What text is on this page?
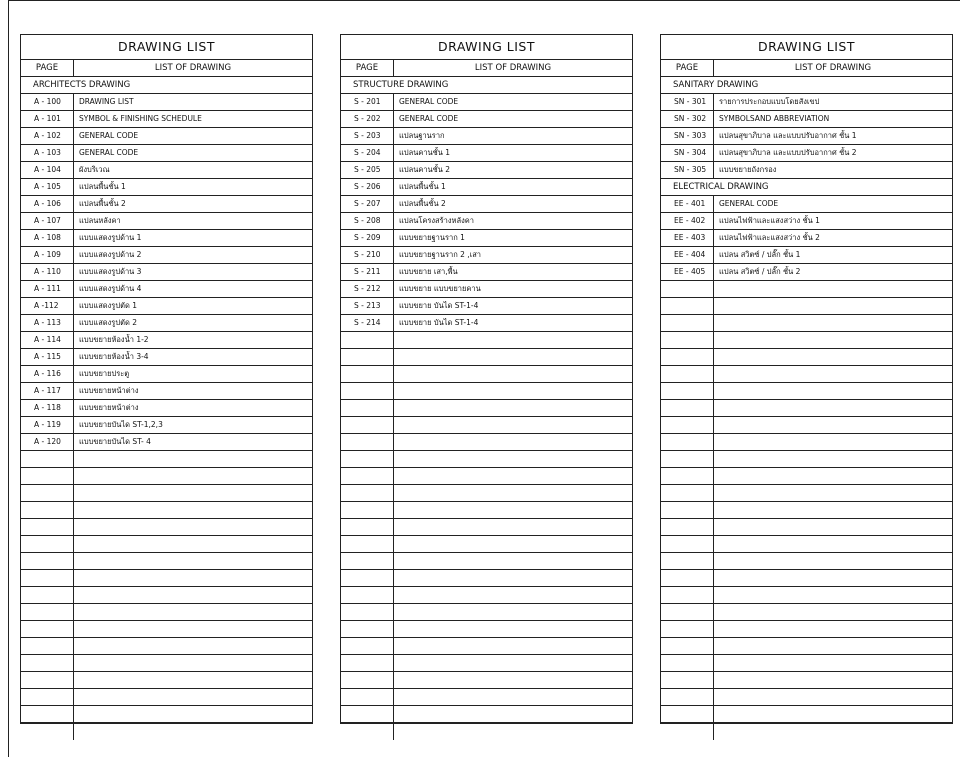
DRAWING LIST
PAGE	LIST OF DRAWING
ARCHITECTS DRAWING
A - 100	DRAWING LIST
A - 101	SYMBOL & FINISHING SCHEDULE
A - 102	GENERAL CODE
A - 103	GENERAL CODE
A - 104	ผังบริเวณ
A - 105	แปลนพื้นชั้น 1
A - 106	แปลนพื้นชั้น 2
A - 107	แปลนหลังคา
A - 108	แบบแสดงรูปด้าน 1
A - 109	แบบแสดงรูปด้าน 2
A - 110	แบบแสดงรูปด้าน 3
A - 111	แบบแสดงรูปด้าน 4
A -112	แบบแสดงรูปตัด 1
A - 113	แบบแสดงรูปตัด 2
A - 114	แบบขยายห้องน้ำ 1-2
A - 115	แบบขยายห้องน้ำ 3-4
A - 116	แบบขยายประตู
A - 117	แบบขยายหน้าต่าง
A - 118	แบบขยายหน้าต่าง
A - 119	แบบขยายบันได ST-1,2,3
A - 120	แบบขยายบันได ST- 4
DRAWING LIST
PAGE	LIST OF DRAWING
STRUCTURE DRAWING
S - 201	GENERAL CODE
S - 202	GENERAL CODE
S - 203	แปลนฐานราก
S - 204	แปลนคานชั้น 1
S - 205	แปลนคานชั้น 2
S - 206	แปลนพื้นชั้น 1
S - 207	แปลนพื้นชั้น 2
S - 208	แปลนโครงสร้างหลังคา
S - 209	แบบขยายฐานราก 1
S - 210	แบบขยายฐานราก 2 ,เสา
S - 211	แบบขยาย เสา,พื้น
S - 212	แบบขยาย แบบขยายคาน
S - 213	แบบขยาย บันได ST-1-4
S - 214	แบบขยาย บันได ST-1-4
DRAWING LIST
PAGE	LIST OF DRAWING
SANITARY DRAWING
SN - 301	รายการประกอบแบบโดยสังเขป
SN - 302	SYMBOLSAND ABBREVIATION
SN - 303	แปลนสุขาภิบาล และแบบปรับอากาศ ชั้น 1
SN - 304	แปลนสุขาภิบาล และแบบปรับอากาศ ชั้น 2
SN - 305	แบบขยายถังกรอง
ELECTRICAL DRAWING
EE - 401	GENERAL CODE
EE - 402	แปลนไฟฟ้าและแสงสว่าง ชั้น 1
EE - 403	แปลนไฟฟ้าและแสงสว่าง ชั้น 2
EE - 404	แปลน สวิตซ์ / ปลั๊ก ชั้น 1
EE - 405	แปลน สวิตซ์ / ปลั๊ก ชั้น 2
